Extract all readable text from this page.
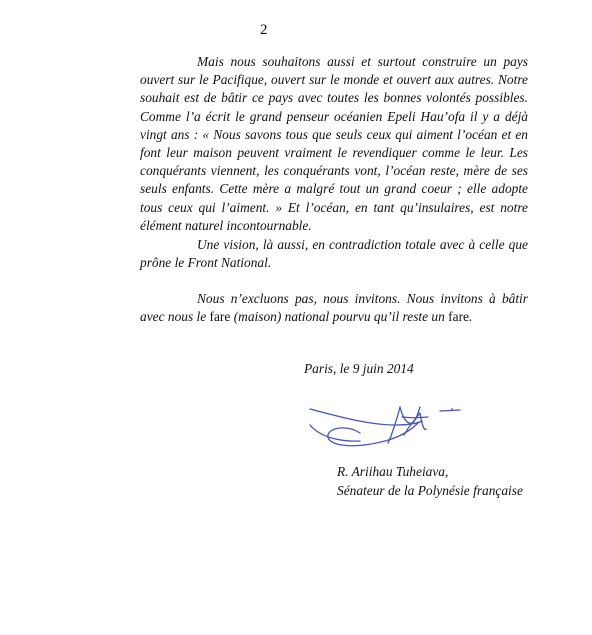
2

Mais nous souhaitons aussi et surtout construire un pays ouvert sur le Pacifique, ouvert sur le monde et ouvert aux autres. Notre souhait est de bâtir ce pays avec toutes les bonnes volontés possibles. Comme l’a écrit le grand penseur océanien Epeli Hau’ofa il y a déjà vingt ans : « Nous savons tous que seuls ceux qui aiment l’océan et en font leur maison peuvent vraiment le revendiquer comme le leur. Les conquérants viennent, les conquérants vont, l’océan reste, mère de ses seuls enfants. Cette mère a malgré tout un grand coeur ; elle adopte tous ceux qui l’aiment. » Et l’océan, en tant qu’insulaires, est notre élément naturel incontournable.

Une vision, là aussi, en contradiction totale avec à celle que prône le Front National.

Nous n’excluons pas, nous invitons. Nous invitons à bâtir avec nous le fare (maison) national pourvu qu’il reste un fare.

Paris, le 9 juin 2014
R. Ariihau Tuheiava,
Sénateur de la Polynésie française
